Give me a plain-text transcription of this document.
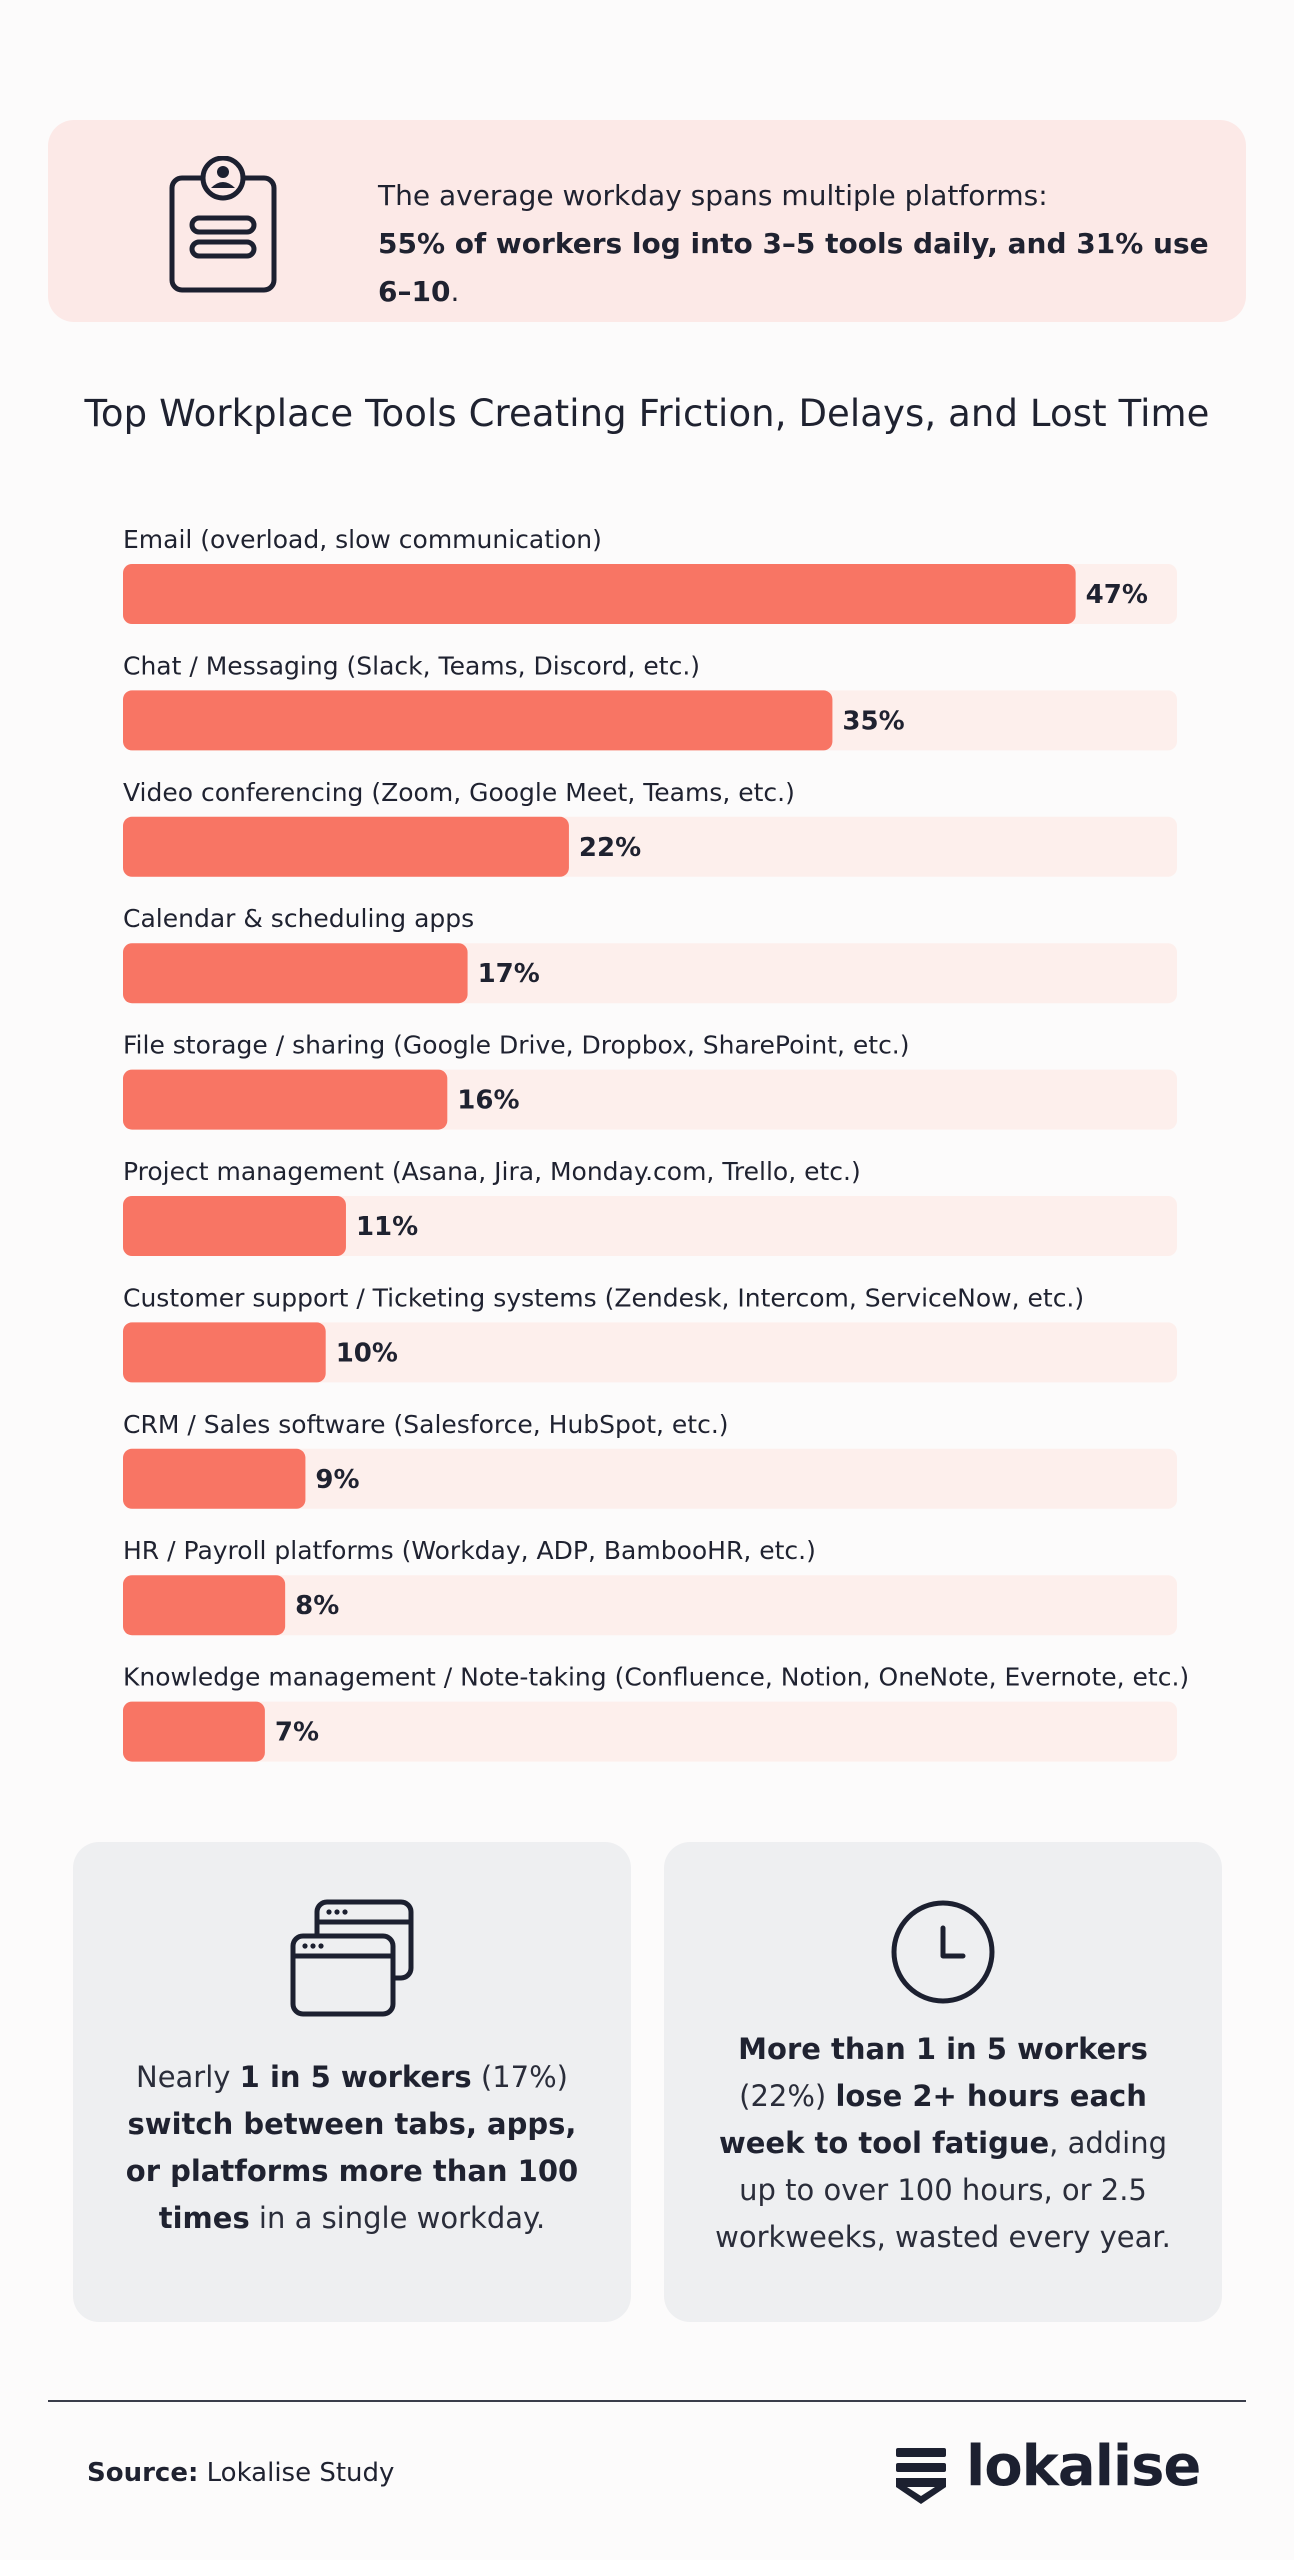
The average workday spans multiple platforms:
55% of workers log into 3–5 tools daily, and 31% use 6–10.
Top Workplace Tools Creating Friction, Delays, and Lost Time
Email (overload, slow communication)
47%
Chat / Messaging (Slack, Teams, Discord, etc.)
35%
Video conferencing (Zoom, Google Meet, Teams, etc.)
22%
Calendar & scheduling apps
17%
File storage / sharing (Google Drive, Dropbox, SharePoint, etc.)
16%
Project management (Asana, Jira, Monday.com, Trello, etc.)
11%
Customer support / Ticketing systems (Zendesk, Intercom, ServiceNow, etc.)
10%
CRM / Sales software (Salesforce, HubSpot, etc.)
9%
HR / Payroll platforms (Workday, ADP, BambooHR, etc.)
8%
Knowledge management / Note-taking (Confluence, Notion, OneNote, Evernote, etc.)
7%
Nearly 1 in 5 workers (17%) switch between tabs, apps, or platforms more than 100 times in a single workday.
More than 1 in 5 workers (22%) lose 2+ hours each week to tool fatigue, adding up to over 100 hours, or 2.5 workweeks, wasted every year.
Source: Lokalise Study	lokalise
